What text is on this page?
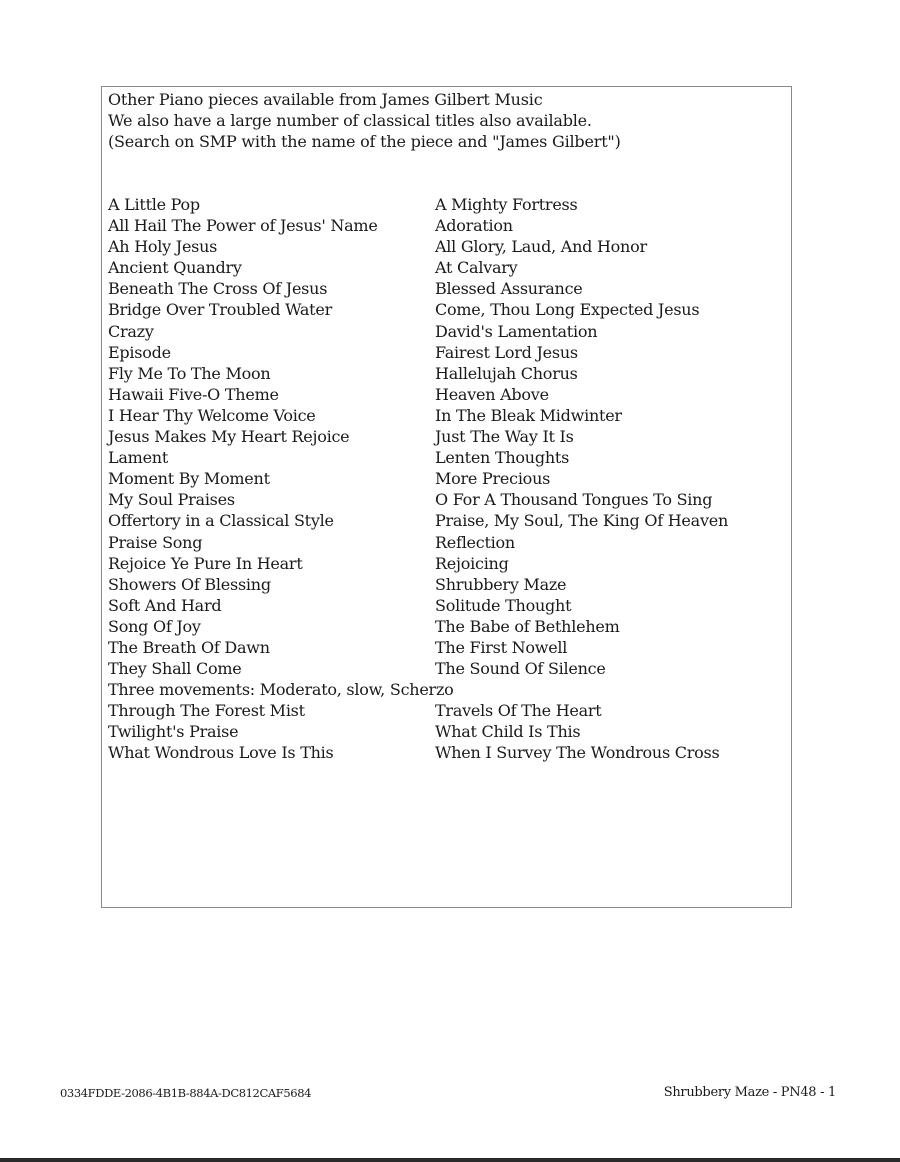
Other Piano pieces available from James Gilbert Music
We also have a large number of classical titles also available.
(Search on SMP with the name of the piece and "James Gilbert")
A Little Pop	A Mighty Fortress
All Hail The Power of Jesus' Name	Adoration
Ah Holy Jesus	All Glory, Laud, And Honor
Ancient Quandry	At Calvary
Beneath The Cross Of Jesus	Blessed Assurance
Bridge Over Troubled Water	Come, Thou Long Expected Jesus
Crazy	David's Lamentation
Episode	Fairest Lord Jesus
Fly Me To The Moon	Hallelujah Chorus
Hawaii Five-O Theme	Heaven Above
I Hear Thy Welcome Voice	In The Bleak Midwinter
Jesus Makes My Heart Rejoice	Just The Way It Is
Lament	Lenten Thoughts
Moment By Moment	More Precious
My Soul Praises	O For A Thousand Tongues To Sing
Offertory in a Classical Style	Praise, My Soul, The King Of Heaven
Praise Song	Reflection
Rejoice Ye Pure In Heart	Rejoicing
Showers Of Blessing	Shrubbery Maze
Soft And Hard	Solitude Thought
Song Of Joy	The Babe of Bethlehem
The Breath Of Dawn	The First Nowell
They Shall Come	The Sound Of Silence
Three movements: Moderato, slow, Scherzo
Through The Forest Mist	Travels Of The Heart
Twilight's Praise	What Child Is This
What Wondrous Love Is This	When I Survey The Wondrous Cross
0334FDDE-2086-4B1B-884A-DC812CAF5684	Shrubbery Maze - PN48 - 1
